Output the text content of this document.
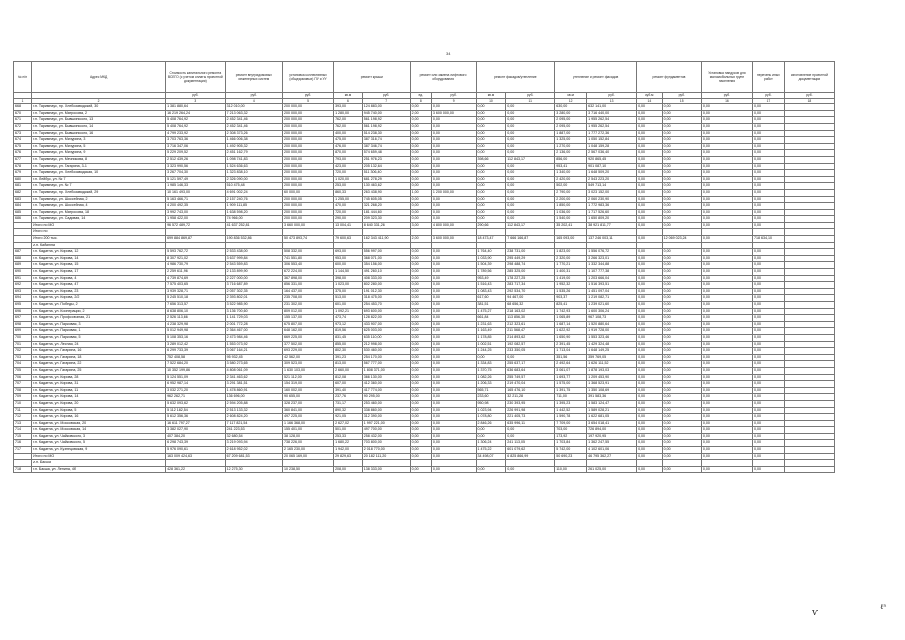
34
№ п/п	Адрес МКД	Стоимость капитального ремонта ВСЕГО (с учетом оплаты проектной документации)	ремонт внутридомовых инженерных систем	установка коллективных (общедомовых) ПУ и УУ	ремонт крыши		ремонт или замена лифтового оборудования		ремонт фасадов/утепление		утепление и ремонт фасадов		ремонт фундаментов		Установка пандусов для маломобильных групп населения	перечень иных работ	изготовление проектной документации
		руб.	руб.	руб.	кв.м	руб.	ед.	руб.	кв.м	руб.	кв.м	руб.	куб.м	руб.	руб.	руб.	руб.
1	2	3	4	5	6	7	8	9	10	11	12	13	14	15	16	17	18
668	г.п. Таримнаус, пр. Хлебозаводский, 30	1 381 880,64	312 010,00	200 000,00	393,00	124 883,00	0,00	0,00	0,00	0,00	630,00	632 141,00	0,00	0,00	0,00	0,00	
670	г.п. Таримнаус, ул. Матросова, 2	16 219 264,24	7 213 063,32	200 000,00	1 280,00	945 740,00	2,00	3 600 000,00	0,00	0,00	3 280,00	3 716 440,00	0,00	0,00	0,00	0,00	
671	г.п. Таримнаус, ул. Бывшинского, 13	5 408 764,92	2 452 341,46	200 000,00	762,00	561 198,92	0,00	0,00	0,00	0,00	2 095,00	1 955 262,54	0,00	0,00	0,00	0,00	
672	г.п. Таримнаус, ул. Бывшинского, 14	5 408 764,92	2 452 341,46	200 000,00	762,00	561 198,92	0,00	0,00	0,00	0,00	2 095,00	1 955 262,54	0,00	0,00	0,00	0,00	
673	г.п. Таримнаус, ул. Бывшинского, 16	4 799 233,92	2 308 373,26	200 000,00	400,00	514 238,30	0,00	0,00	0,00	0,00	1 887,00	1 777 272,36	0,00	0,00	0,00	0,00	
674	г.п. Таримнаус, ул. Мичурина, 3	3 703 763,36	1 466 006,38	200 000,00	475,00	387 316,74	0,00	0,00	0,00	0,00	1 325,00	1 050 152,84	0,00	0,00	0,00	0,00	
675	г.п. Таримнаус, ул. Мичурина, 5	3 716 347,06	1 492 905,32	200 000,00	476,00	387 346,74	0,00	0,00	0,00	0,00	1 270,00	1 048 159,28	0,00	0,00	0,00	0,00	
676	г.п. Таримнаус, ул. Мичурина, 9	5 229 209,52	2 451 162,79	200 000,00	870,00	574 659,48	0,00	0,00	0,00	0,00	2 136,00	2 567 036,40	0,00	0,00	0,00	0,00	
677	г.п. Таримнаус, ул. Мечникова, 8	2 512 439,26	1 098 741,83	200 000,00	793,00	251 976,23	0,00	0,00	398,66	112 843,17	856,00	920 865,45	0,00	0,00	0,00	0,00	
678	г.п. Таримнаус, ул. Гагарина, 3-1	3 323 990,56	1 524 636,63	200 000,00	423,00	205 132,64	0,00	0,00	0,00	0,00	953,41	901 087,10	0,00	0,00	0,00	0,00	
679	г.п. Таримнаус, ул. Хлебозаводская, 10	3 267 704,30	1 323 838,10	200 000,00	720,00	511 306,40	0,00	0,00	0,00	0,00	1 340,00	1 648 509,20	0,00	0,00	0,00	0,00	
680	г.п. Лейбус, ул. № 7	5 121 597,49	2 326 090,00	200 000,00	1 020,00	681 278,29	0,00	0,00	0,00	0,00	2 420,00	2 543 223,20	0,00	0,00	0,00	0,00	
681	г.п. Таримнаус, ул. № 7	1 985 146,33	510 475,48	200 000,00	253,00	130 463,62	0,00	0,00	0,00	0,00	502,00	549 713,14	0,00	0,00	0,00	0,00	
682	г.п. Таримнаус, пр. Хлебозаводский, 29	10 161 493,00	4 691 002,24	60 000,00	860,33	263 438,90	1,00	1 200 000,00	0,00	0,00	2 790,00	3 023 152,00	0,00	0,00	0,00	0,00	
683	г.п. Таримнаус, ул. Шоссейная, 2	5 163 466,71	2 157 240,76	200 000,00	1 255,00	745 605,05	0,00	0,00	0,00	0,00	2 200,00	2 060 230,90	0,00	0,00	0,00	0,00	
684	г.п. Таримнаус, ул. Шоссейная, 4	4 200 492,35	1 909 111,85	200 000,00	470,00	321 268,20	0,00	0,00	0,00	0,00	1 850,00	1 772 983,36	0,00	0,00	0,00	0,00	
685	г.п. Таримнаус, ул. Матросова, 18	3 992 743,00	1 638 598,20	200 000,00	720,00	181 444,60	0,00	0,00	0,00	0,00	1 036,00	1 717 526,60	0,00	0,00	0,00	0,00	
686	г.п. Таримнаус, ул. Садовая, 14	1 958 422,00	74 966,00	200 000,00	290,00	209 323,30	0,00	0,00	0,00	0,00	1 540,00	1 650 809,20	0,00	0,00	0,00	0,00	
	Итого по МО	96 572 489,72	41 637 252,81	3 660 000,00	13 004,41	8 640 331,26	3,00	4 800 000,00	290,66	112 843,17	35 202,41	38 921 811,77	0,00	0,00	0,00	0,00	
	Итого по																
	Итого 200 тыс.	699 884 869,87	190 836 532,86	50 473 893,74	79 600,63	162 343 411,90	2,00	3 600 000,00	18 473,47	7 666 166,87	165 093,00	137 246 003,11	0,00	12 069 023,24	0,00	718 634,10	
	г.п. Кадатна																
687	г.п. Кадатна, ул. Кирова, 12	5 593 762,72	2 533 438,00	508 332,00	693,00	556 997,00	0,00	0,00	1 764,40	238 731,00	1 823,00	1 556 076,72	0,00	0,00	0,00	0,00	
688	г.п. Кадатна, ул. Кирова, 14	8 307 921,02	3 637 999,84	741 551,80	953,00	368 071,00	0,00	0,00	1 033,90	295 449,29	2 320,00	3 266 323,01	0,00	0,00	0,00	0,00	
689	г.п. Кадатна, ул. Кирова, 15	4 986 730,79	2 543 559,83	306 553,40	600,00	354 156,00	0,00	0,00	1 504,39	298 488,74	1 770,21	1 332 344,88	0,00	0,00	0,00	0,00	
690	г.п. Кадатна, ул. Кирова, 17	2 259 611,96	2 133 899,90	672 224,00	1 144,50	491 260,10	0,00	0,00	1 789,56	285 325,00	1 400,31	1 107 777,38	0,00	0,00	0,00	0,00	
691	г.п. Кадатна, ул. Кирова, 4	4 739 874,69	2 227 000,00	367 898,00	398,00	408 333,00	0,00	0,00	953,49	178 227,25	1 419,00	1 203 666,04	0,00	0,00	0,00	0,00	
692	г.п. Кадатна, ул. Кирова, 47	7 575 403,65	3 716 687,89	856 331,00	1 023,00	802 280,00	0,00	0,00	1 516,43	283 717,34	1 952,32	1 516 393,51	0,00	0,00	0,00	0,00	
693	г.п. Кадатна, ул. Кирова, 23	3 939 328,71	2 057 302,35	164 437,00	375,00	191 012,30	0,00	0,00	1 083,43	292 534,70	1 535,26	1 451 097,04	0,00	0,00	0,00	0,00	
694	г.п. Кадатна, ул. Кирова, 2/2	5 245 510,18	2 393 802,01	235 708,00	513,00	318 475,00	0,00	0,00	617,60	94 467,00	903,37	1 219 082,71	0,00	0,00	0,00	0,00	
695	г.п. Кадатна, ул. Победы, 2	7 656 313,57	3 522 985,90	231 302,00	601,00	254 453,70	0,00	0,00	381,51	68 656,32	825,41	1 239 021,60	0,00	0,00	0,00	0,00	
696	г.п. Кадатна, ул. Кооперации, 2	8 638 806,10	3 136 700,60	809 012,00	1 092,21	693 600,00	0,00	0,00	1 475,27	218 163,02	1 742,93	1 600 306,24	0,00	0,00	0,00	0,00	
697	г.п. Кадатна, ул. Профсоюзная, 21	2 526 113,66	1 141 729,03	155 137,00	473,74	128 822,00	0,00	0,00	661,84	113 856,30	1 065,89	967 108,73	0,00	0,00	0,00	0,00	
698	г.п. Кадатна, ул. Парковая, 3	4 238 329,98	2 001 772,28	675 807,00	973,12	433 907,00	0,00	0,00	1 231,63	212 323,61	1 687,14	1 520 880,64	0,00	0,00	0,00	0,00	
699	г.п. Кадатна, ул. Парковая, 1	5 012 949,98	2 364 467,00	648 162,00	819,56	625 003,00	0,00	0,00	1 163,49	211 568,47	1 622,92	1 919 728,00	0,00	0,00	0,00	0,00	
700	г.п. Кадатна, ул. Парковая, 5	5 108 353,16	2 473 984,46	669 225,00	831,45	635 110,00	0,00	0,00	1 178,85	214 893,62	1 650,90	1 553 323,46	0,00	0,00	0,00	0,00	
701	г.п. Кадатна, ул. Лесная, 24	3 289 012,42	1 553 073,92	377 502,00	855,00	212 998,00	0,00	0,00	1 002,51	192 082,57	2 391,45	1 429 324,48	0,00	0,00	0,00	0,00	
702	г.п. Кадатна, ул. Гагарина, 16	6 299 733,39	3 067 164,21	693 229,00	802,30	530 460,00	0,00	0,00	1 244,25	233 350,05	1 713,04	1 648 149,25	0,00	0,00	0,00	0,00	
703	г.п. Кадатна, ул. Гагарина, 18	752 408,58	95 932,45	42 562,00	391,23	254 170,00	0,00	0,00	0,00	0,00	351,56	359 769,05	0,00	0,00	0,00	0,00	
704	г.п. Кадатна, ул. Гагарина, 22	7 522 684,20	3 580 273,65	309 523,00	813,00	567 777,00	0,00	0,00	1 334,83	255 637,17	2 492,64	1 626 111,52	0,00	0,00	0,00	0,00	
705	г.п. Кадатна, ул. Гагарина, 25	10 352 199,86	4 808 061,09	1 630 103,00	2 660,00	1 808 371,00	0,00	0,00	1 370,75	636 683,64	3 061,07	1 878 193,03	0,00	0,00	0,00	0,00	
706	г.п. Кадатна, ул. Кирова, 28	5 124 551,09	2 341 463,62	521 112,00	812,08	366 130,00	0,00	0,00	1 082,26	255 749,57	1 693,77	1 209 453,90	0,00	0,00	0,00	0,00	
707	г.п. Кадатна, ул. Кирова, 31	6 952 987,14	3 291 381,51	154 319,00	607,00	412 360,00	0,00	0,00	1 206,33	219 470,04	1 575,00	1 368 523,91	0,00	0,00	0,00	0,00	
708	г.п. Кадатна, ул. Кирова, 11	3 032 271,20	1 478 860,91	160 002,00	391,40	417 774,00	0,00	0,00	565,71	165 476,10	1 391,75	1 350 108,69	0,00	0,00	0,00	0,00	
709	г.п. Кадатна, ул. Кирова, 14	962 262,71	136 696,00	90 655,00	237,76	90 295,00	0,00	0,00	233,60	32 211,28	711,00	391 583,36	0,00	0,00	0,00	0,00	
710	г.п. Кадатна, ул. Кирова, 20	5 632 093,62	2 594 205,88	328 237,00	731,17	253 460,00	0,00	0,00	950,98	230 393,95	1 395,23	1 583 124,47	0,00	0,00	0,00	0,00	
711	г.п. Кадатна, ул. Кирова, 5	5 112 182,54	2 513 133,32	360 841,00	890,32	338 860,00	0,00	0,00	1 023,94	226 991,98	1 442,52	1 589 028,21	0,00	0,00	0,00	0,00	
712	г.п. Кадатна, ул. Кирова, 16	5 612 356,36	2 608 824,20	497 225,00	921,05	312 390,00	0,00	0,00	1 078,80	221 405,73	1 590,78	1 622 681,05	0,00	0,00	0,00	0,00	
713	г.п. Кадатна, ул. Московская, 20	16 611 797,27	7 117 821,54	1 166 368,00	2 627,02	1 997 221,00	0,00	0,00	2 846,26	635 996,11	7 709,00	3 654 018,41	0,00	0,00	0,00	0,00	
714	г.п. Кадатна, ул. Московская, 14	3 382 027,90	241 223,53	155 401,00	501,00	497 700,00	0,00	0,00	0,00	0,00	703,00	726 894,00	0,00	0,00	0,00	0,00	
715	г.п. Кадатна, ул. Чайковского, 3	407 384,20	32 680,54	38 128,00	253,33	258 432,00	0,00	0,00	0,00	0,00	173,92	197 920,95	0,00	0,00	0,00	0,00	
716	г.п. Кадатна, ул. Чайковского, 5	6 298 743,39	3 219 093,94	738 226,00	1 680,22	703 800,00	0,00	0,00	1 306,24	241 113,05	1 703,84	1 362 247,55	0,00	0,00	0,00	0,00	
717	г.п. Кадатна, ул. Кузнецовская, 9	5 976 090,61	2 618 952,02	2 165 230,00	1 942,00	2 018 770,00	0,00	0,00	1 475,22	601 079,62	5 742,00	4 102 601,06	0,00	0,00	0,00	0,00	
	Итого по МО	163 009 424,63	67 209 681,53	20 065 169,00	29 829,63	20 182 111,20	0,00	0,00	34 498,07	6 825 866,99	50 690,23	46 795 362,27	0,00	0,00	0,00	0,00	
	г.п. Бакша																
718	г.п. Бакша, ул. Ленина, 4б	428 361,22	12 275,30	10 238,50	208,00	138 333,00	0,00	0,00	0,00	0,00	110,00	261 025,00	0,00	0,00	0,00	0,00	
ѵ
ℓⁿ
